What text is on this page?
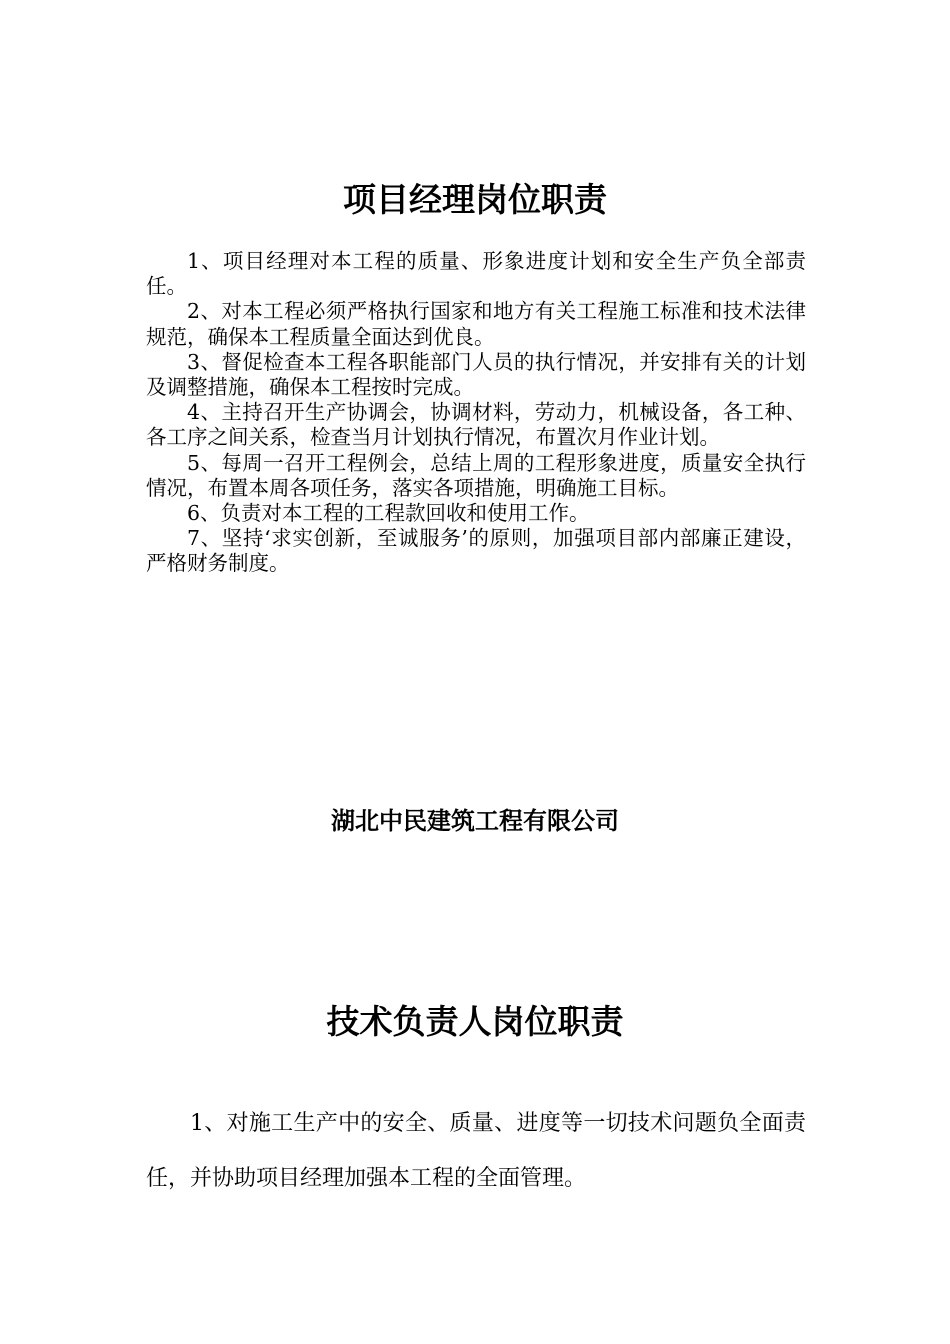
项目经理岗位职责
1、项目经理对本工程的质量、形象进度计划和安全生产负全部责任。
2、对本工程必须严格执行国家和地方有关工程施工标准和技术法律规范，确保本工程质量全面达到优良。
3、督促检查本工程各职能部门人员的执行情况，并安排有关的计划及调整措施，确保本工程按时完成。
4、主持召开生产协调会，协调材料，劳动力，机械设备，各工种、各工序之间关系，检查当月计划执行情况，布置次月作业计划。
5、每周一召开工程例会，总结上周的工程形象进度，质量安全执行情况，布置本周各项任务，落实各项措施，明确施工目标。
6、负责对本工程的工程款回收和使用工作。
7、坚持‘求实创新，至诚服务’的原则，加强项目部内部廉正建设，严格财务制度。
湖北中民建筑工程有限公司
技术负责人岗位职责
1、对施工生产中的安全、质量、进度等一切技术问题负全面责任，并协助项目经理加强本工程的全面管理。
